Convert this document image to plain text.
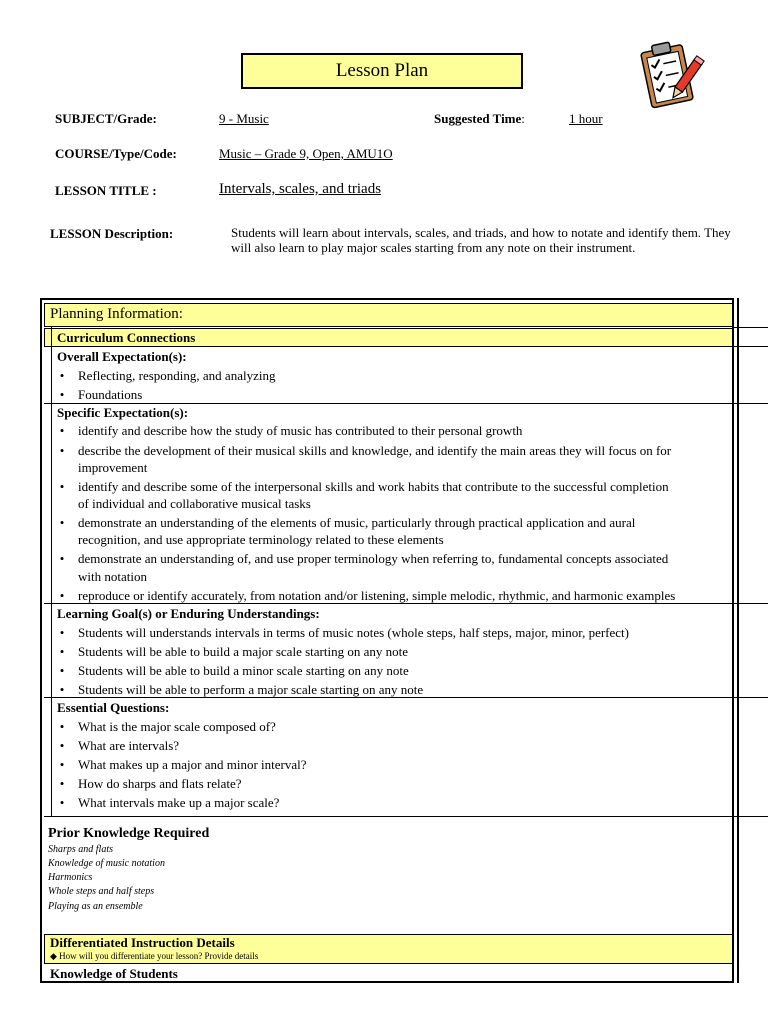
Lesson Plan
SUBJECT/Grade:	9 - Music	Suggested Time:	1 hour
COURSE/Type/Code:	Music – Grade 9, Open, AMU1O
LESSON TITLE :	Intervals, scales, and triads
LESSON Description:	Students will learn about intervals, scales, and triads, and how to notate and identify them. They will also learn to play major scales starting from any note on their instrument.
Planning Information:
Curriculum Connections
Overall Expectation(s):
• Reflecting, responding, and analyzing
• Foundations
Specific Expectation(s):
• identify and describe how the study of music has contributed to their personal growth
• describe the development of their musical skills and knowledge, and identify the main areas they will focus on for
improvement
• identify and describe some of the interpersonal skills and work habits that contribute to the successful completion
of individual and collaborative musical tasks
• demonstrate an understanding of the elements of music, particularly through practical application and aural
recognition, and use appropriate terminology related to these elements
• demonstrate an understanding of, and use proper terminology when referring to, fundamental concepts associated
with notation
• reproduce or identify accurately, from notation and/or listening, simple melodic, rhythmic, and harmonic examples
Learning Goal(s) or Enduring Understandings:
• Students will understands intervals in terms of music notes (whole steps, half steps, major, minor, perfect)
• Students will be able to build a major scale starting on any note
• Students will be able to build a minor scale starting on any note
• Students will be able to perform a major scale starting on any note
Essential Questions:
• What is the major scale composed of?
• What are intervals?
• What makes up a major and minor interval?
• How do sharps and flats relate?
• What intervals make up a major scale?
Prior Knowledge Required
Sharps and flats
Knowledge of music notation
Harmonics
Whole steps and half steps
Playing as an ensemble
Differentiated Instruction Details
◆ How will you differentiate your lesson? Provide details
Knowledge of Students
